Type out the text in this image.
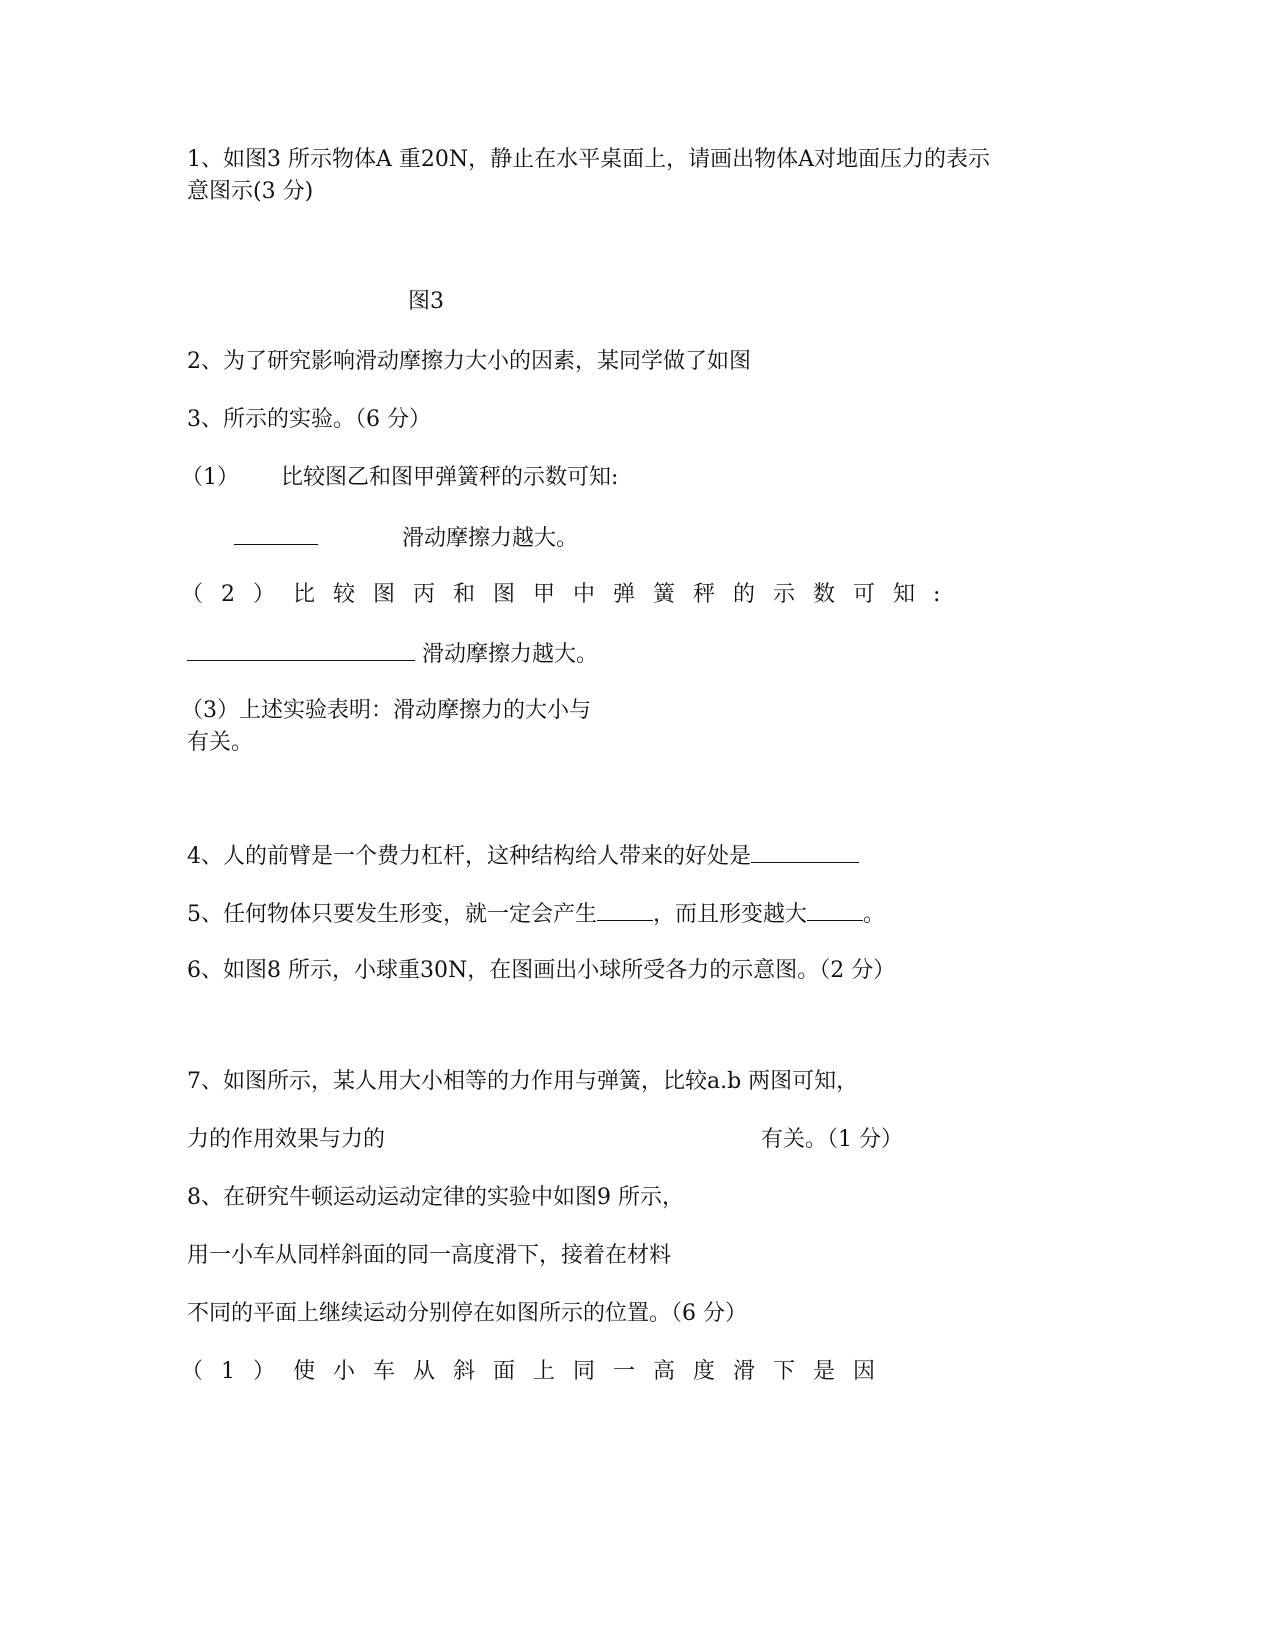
1、如图3 所示物体A 重20N，静止在水平桌面上，请画出物体A对地面压力的表示
意图示(3 分)
图3
2、为了研究影响滑动摩擦力大小的因素，某同学做了如图
3、所示的实验。（6 分）
（1） 比较图乙和图甲弹簧秤的示数可知:
滑动摩擦力越大。
（2）比较图丙和图甲中弹簧秤的示数可知:
滑动摩擦力越大。
（3）上述实验表明：滑动摩擦力的大小与
有关。
4、人的前臂是一个费力杠杆，这种结构给人带来的好处是
5、任何物体只要发生形变，就一定会产生	，而且形变越大	。
6、如图8 所示，小球重30N，在图画出小球所受各力的示意图。（2 分）
7、如图所示，某人用大小相等的力作用与弹簧，比较a.b 两图可知，
力的作用效果与力的	有关。（1 分）
8、在研究牛顿运动运动定律的实验中如图9 所示，
用一小车从同样斜面的同一高度滑下，接着在材料
不同的平面上继续运动分别停在如图所示的位置。（6 分）
（1）使小车从斜面上同一高度滑下是因
